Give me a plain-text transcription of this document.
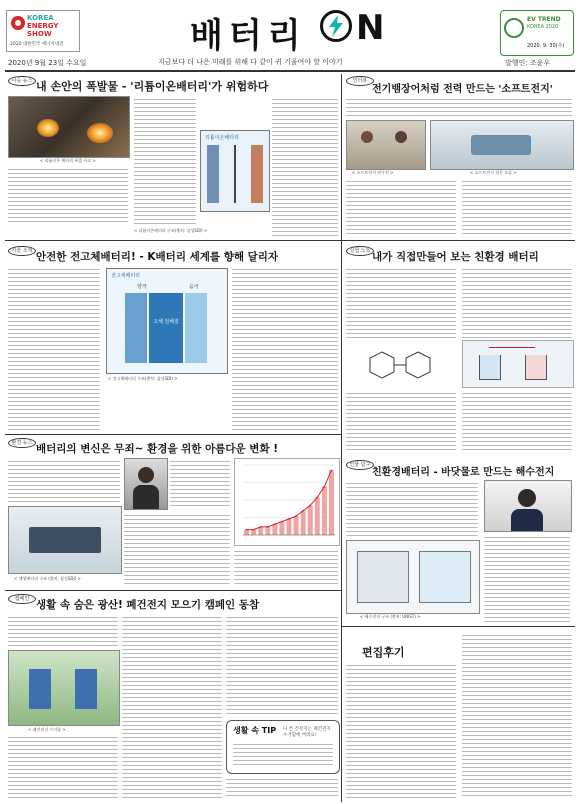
KOREA
ENERGY
SHOW
2020 대한민국 에너지대전	배터리 N	EV TREND
KOREA 2020
2020. 9. 30(수)
2020년 9월 23일 수요일	지금보다 더 나은 미래를 위해 다 같이 귀 기울여야 할 이야기	발행인: 조윤우
이슈 뉴스 내 손안의 폭발물 - '리튬이온배터리'가 위험하다
< 리튬이온 배터리 폭발 사고 >
리튬이온배터리
< 리튬이온배터리 구조(출처: 삼성SDI) >
인터뷰
전기뱀장어처럼 전력 만드는 '소프트전지'
< 소프트전지 연구진 >	< 소프트전지 작동 모습 >
기술 소개 안전한 전고체배터리! - K배터리 세계를 향해 달리자
전고체배터리
양극	음극
고체 전해질
< 전고체배터리 구조(출처: 삼성SDI) >
실험 노트 내가 직접만들어 보는 친환경 배터리
환경 뉴스 배터리의 변신은 무죄~ 환경을 위한 아름다운 변화 !
< 재생배터리 구조 (출처: 삼성SDI) >
인물 탐구
친환경배터리 - 바닷물로 만드는 해수전지
< 해수전지 구조 (출처: UNIST) >
캠페인 생활 속 숨은 광산! 폐건전지 모으기 캠페인 동참
< 폐건전지 수거함 >	생활 속 TIP 다 쓴 건전지는 폐건전지 수거함에 버려요!
편집후기
